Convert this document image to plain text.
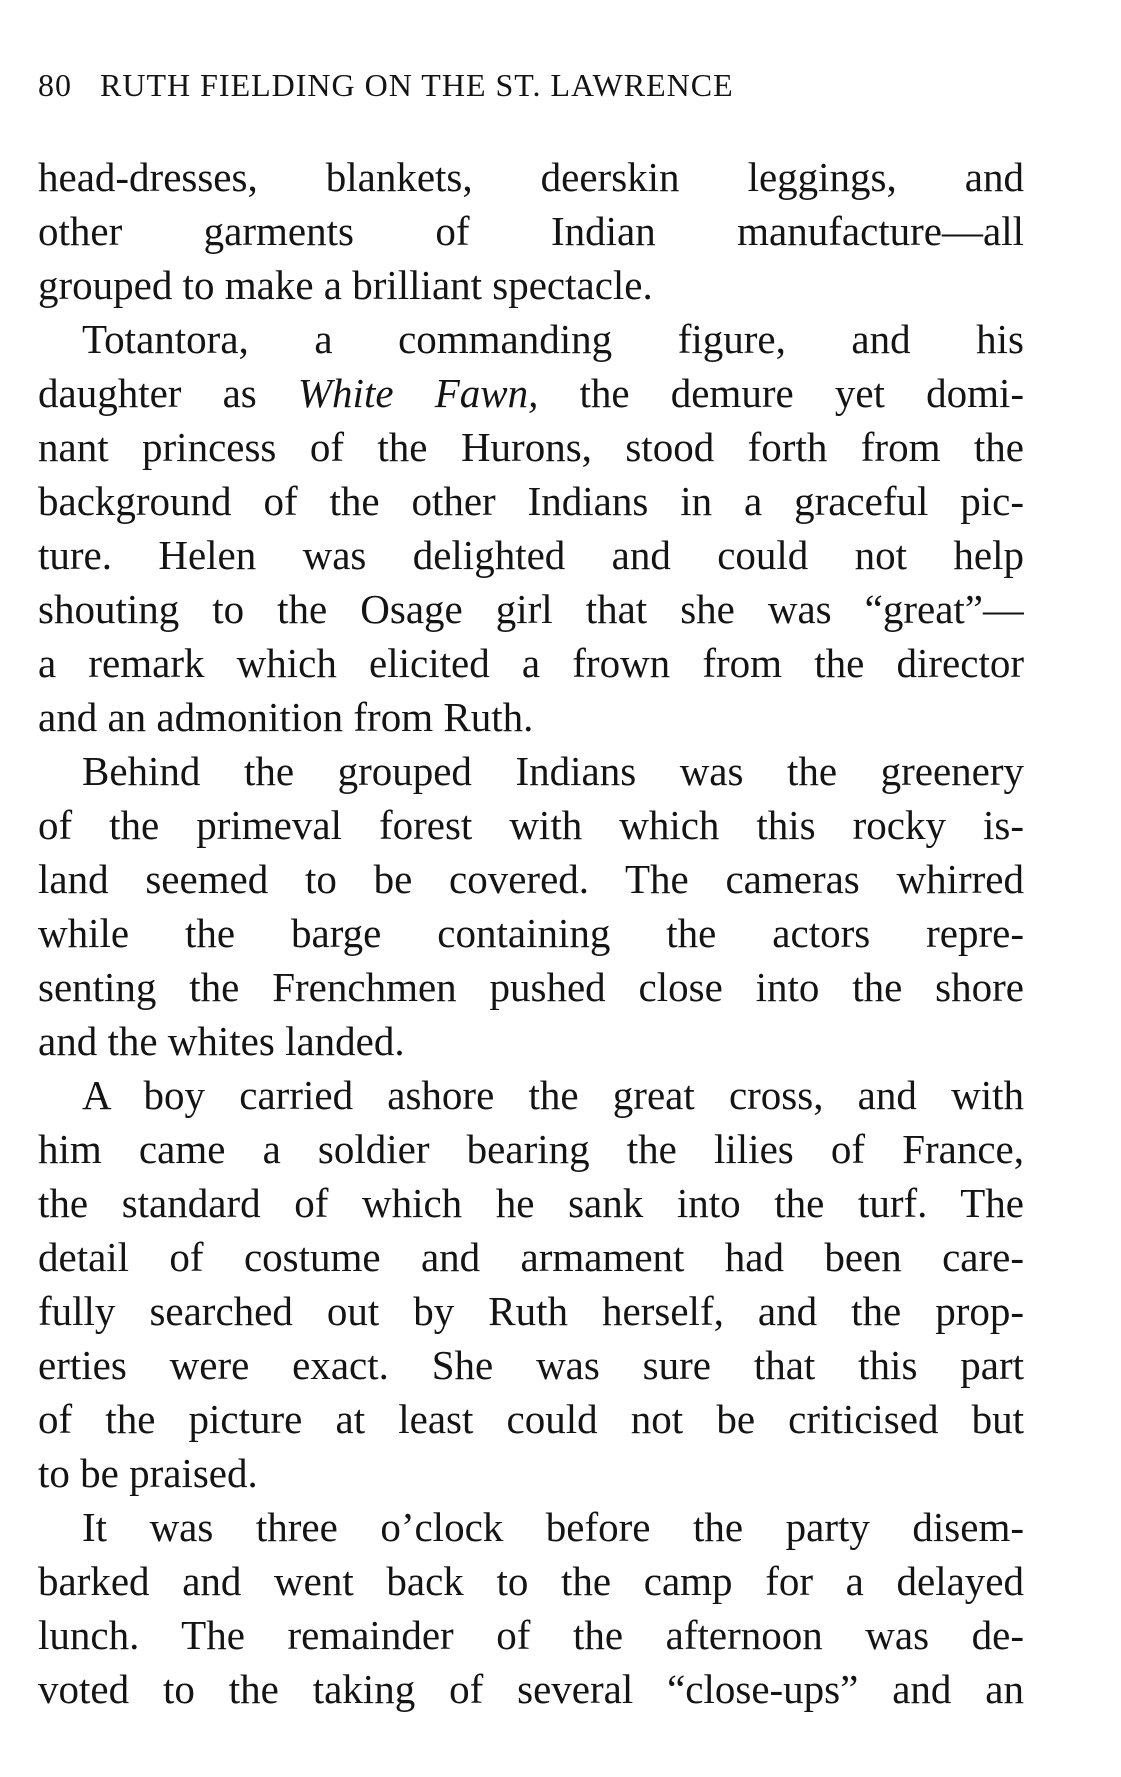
80 RUTH FIELDING ON THE ST. LAWRENCE
head-dresses, blankets, deerskin leggings, and
other garments of Indian manufacture—all
grouped to make a brilliant spectacle.
Totantora, a commanding figure, and his
daughter as White Fawn, the demure yet domi-
nant princess of the Hurons, stood forth from the
background of the other Indians in a graceful pic-
ture. Helen was delighted and could not help
shouting to the Osage girl that she was “great”—
a remark which elicited a frown from the director
and an admonition from Ruth.
Behind the grouped Indians was the greenery
of the primeval forest with which this rocky is-
land seemed to be covered. The cameras whirred
while the barge containing the actors repre-
senting the Frenchmen pushed close into the shore
and the whites landed.
A boy carried ashore the great cross, and with
him came a soldier bearing the lilies of France,
the standard of which he sank into the turf. The
detail of costume and armament had been care-
fully searched out by Ruth herself, and the prop-
erties were exact. She was sure that this part
of the picture at least could not be criticised but
to be praised.
It was three o’clock before the party disem-
barked and went back to the camp for a delayed
lunch. The remainder of the afternoon was de-
voted to the taking of several “close-ups” and an
